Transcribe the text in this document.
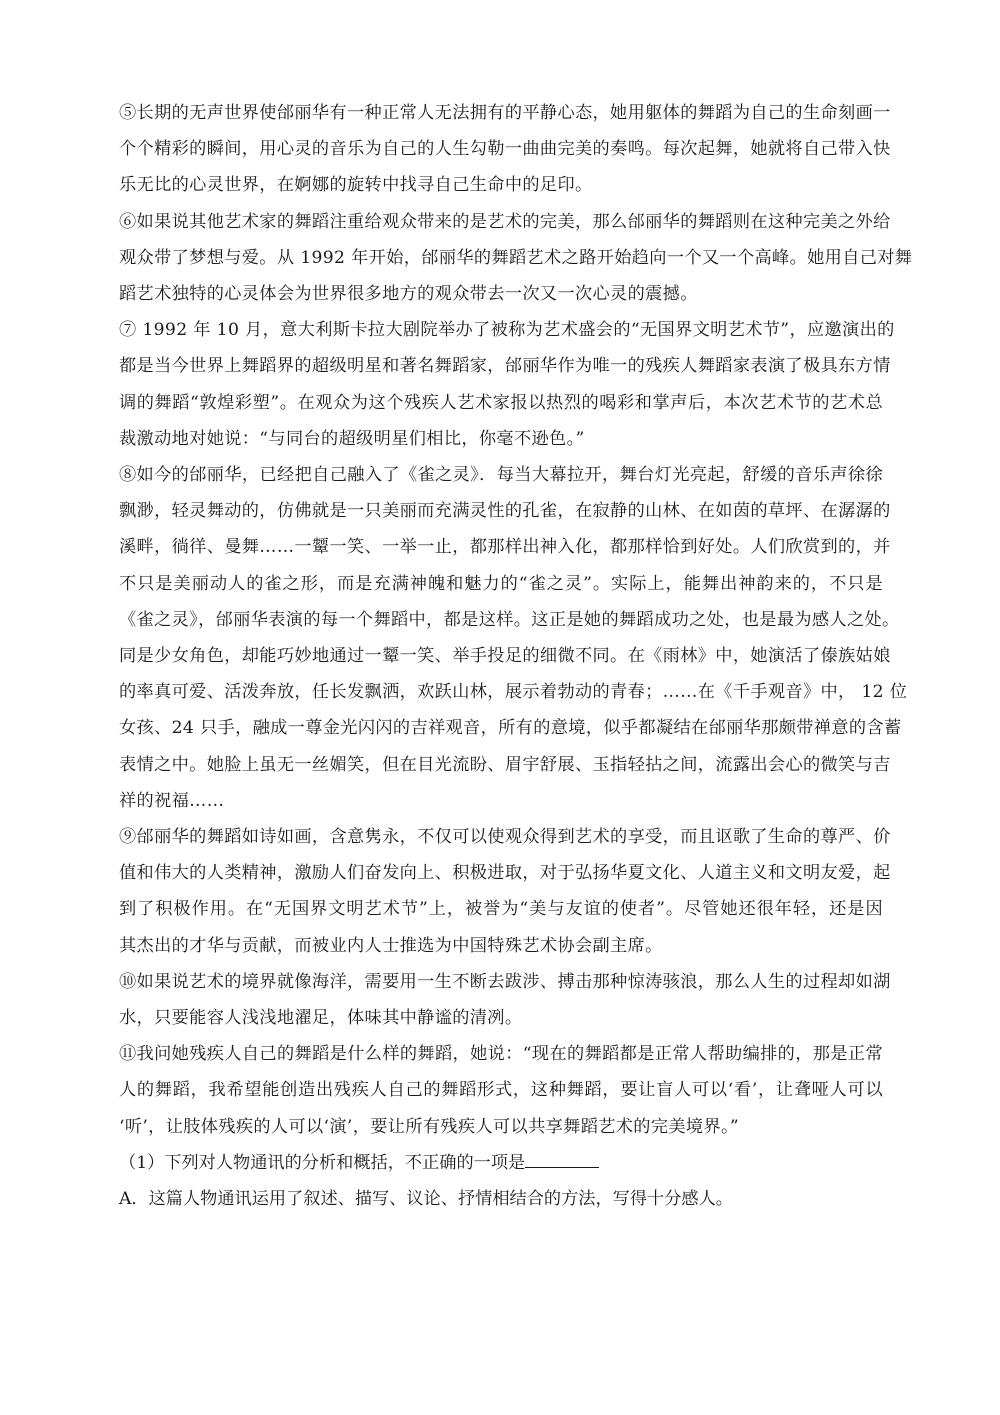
⑤长期的无声世界使邰丽华有一种正常人无法拥有的平静心态，她用躯体的舞蹈为自己的生命刻画一
个个精彩的瞬间，用心灵的音乐为自己的人生勾勒一曲曲完美的奏鸣。每次起舞，她就将自己带入快
乐无比的心灵世界，在婀娜的旋转中找寻自己生命中的足印。
⑥如果说其他艺术家的舞蹈注重给观众带来的是艺术的完美，那么邰丽华的舞蹈则在这种完美之外给
观众带了梦想与爱。从 1992 年开始，邰丽华的舞蹈艺术之路开始趋向一个又一个高峰。她用自己对舞
蹈艺术独特的心灵体会为世界很多地方的观众带去一次又一次心灵的震撼。
⑦ 1992 年 10 月，意大利斯卡拉大剧院举办了被称为艺术盛会的“无国界文明艺术节”，应邀演出的
都是当今世界上舞蹈界的超级明星和著名舞蹈家，邰丽华作为唯一的残疾人舞蹈家表演了极具东方情
调的舞蹈“敦煌彩塑”。在观众为这个残疾人艺术家报以热烈的喝彩和掌声后，本次艺术节的艺术总
裁激动地对她说：“与同台的超级明星们相比，你毫不逊色。”
⑧如今的邰丽华，已经把自己融入了《雀之灵》．每当大幕拉开，舞台灯光亮起，舒缓的音乐声徐徐
飘渺，轻灵舞动的，仿佛就是一只美丽而充满灵性的孔雀，在寂静的山林、在如茵的草坪、在潺潺的
溪畔，徜徉、曼舞……一颦一笑、一举一止，都那样出神入化，都那样恰到好处。人们欣赏到的，并
不只是美丽动人的雀之形，而是充满神魄和魅力的“雀之灵”。实际上，能舞出神韵来的，不只是
《雀之灵》，邰丽华表演的每一个舞蹈中，都是这样。这正是她的舞蹈成功之处，也是最为感人之处。
同是少女角色，却能巧妙地通过一颦一笑、举手投足的细微不同。在《雨林》中，她演活了傣族姑娘
的率真可爱、活泼奔放，任长发飘洒，欢跃山林，展示着勃动的青春；……在《千手观音》中， 12 位
女孩、24 只手，融成一尊金光闪闪的吉祥观音，所有的意境，似乎都凝结在邰丽华那颇带禅意的含蓄
表情之中。她脸上虽无一丝媚笑，但在目光流盼、眉宇舒展、玉指轻拈之间，流露出会心的微笑与吉
祥的祝福……
⑨邰丽华的舞蹈如诗如画，含意隽永，不仅可以使观众得到艺术的享受，而且讴歌了生命的尊严、价
值和伟大的人类精神，激励人们奋发向上、积极进取，对于弘扬华夏文化、人道主义和文明友爱，起
到了积极作用。在“无国界文明艺术节”上，被誉为“美与友谊的使者”。尽管她还很年轻，还是因
其杰出的才华与贡献，而被业内人士推选为中国特殊艺术协会副主席。
⑩如果说艺术的境界就像海洋，需要用一生不断去跋涉、搏击那种惊涛骇浪，那么人生的过程却如湖
水，只要能容人浅浅地濯足，体味其中静谧的清冽。
⑪我问她残疾人自己的舞蹈是什么样的舞蹈，她说：“现在的舞蹈都是正常人帮助编排的，那是正常
人的舞蹈，我希望能创造出残疾人自己的舞蹈形式，这种舞蹈，要让盲人可以‘看’，让聋哑人可以
‘听’，让肢体残疾的人可以‘演’，要让所有残疾人可以共享舞蹈艺术的完美境界。”
（1）下列对人物通讯的分析和概括，不正确的一项是
A．这篇人物通讯运用了叙述、描写、议论、抒情相结合的方法，写得十分感人。
